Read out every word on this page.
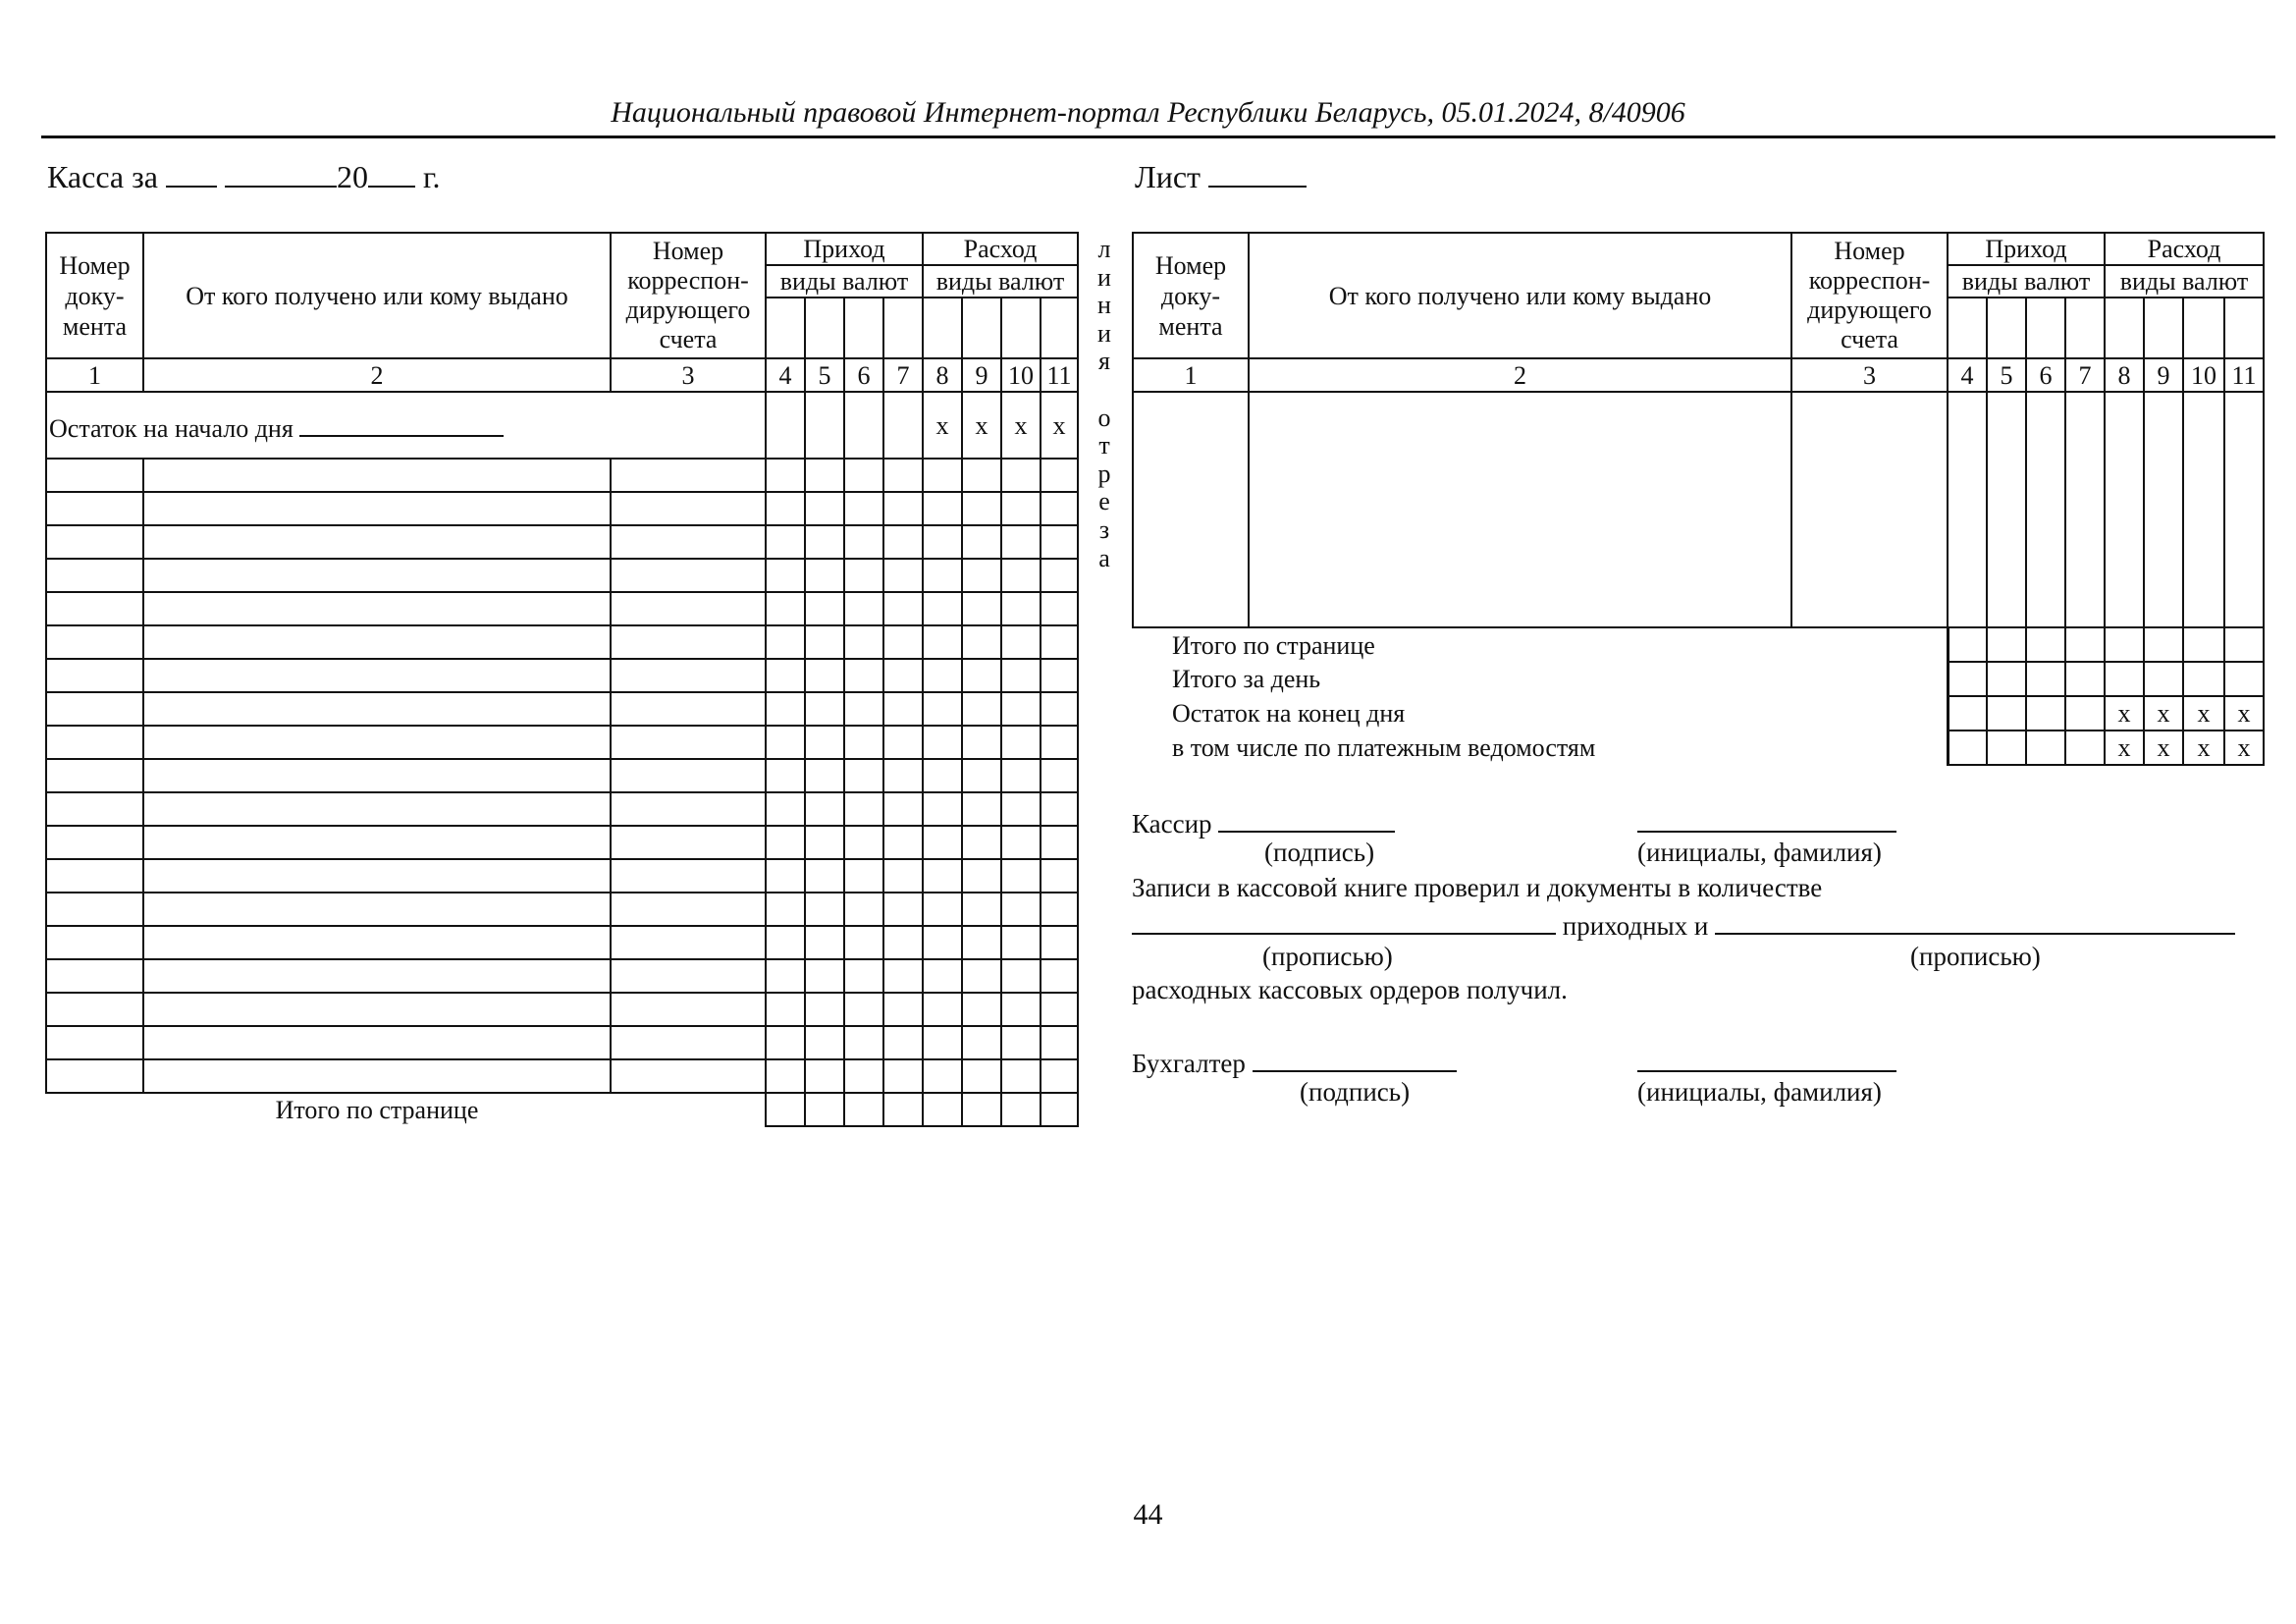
Национальный правовой Интернет-портал Республики Беларусь, 05.01.2024, 8/40906
Касса за	20 г.	Лист
Номер доку-мента	От кого получено или кому выдано	Номер корреспон-дирующего счета	Приход				Расход			
			виды валют				виды валют			

1	2	3	4	5	6	7	8	9	10	11
Остаток на начало дня							x	x	x	x

	Итого по странице									
л
и
н
и
я
о
т
р
е
з
а
Номер доку-мента	От кого получено или кому выдано	Номер корреспон-дирующего счета	Приход				Расход			
			виды валют				виды валют			

1	2	3	4	5	6	7	8	9	10	11

Итого по странице										
Итого за день										
Остаток на конец дня							x	x	x	x
в том числе по платежным ведомостям							x	x	x	x
Кассир
(подпись)	(инициалы, фамилия)
Записи в кассовой книге проверил и документы в количестве
приходных и
(прописью)	(прописью)
расходных кассовых ордеров получил.
Бухгалтер
(подпись)	(инициалы, фамилия)
44
